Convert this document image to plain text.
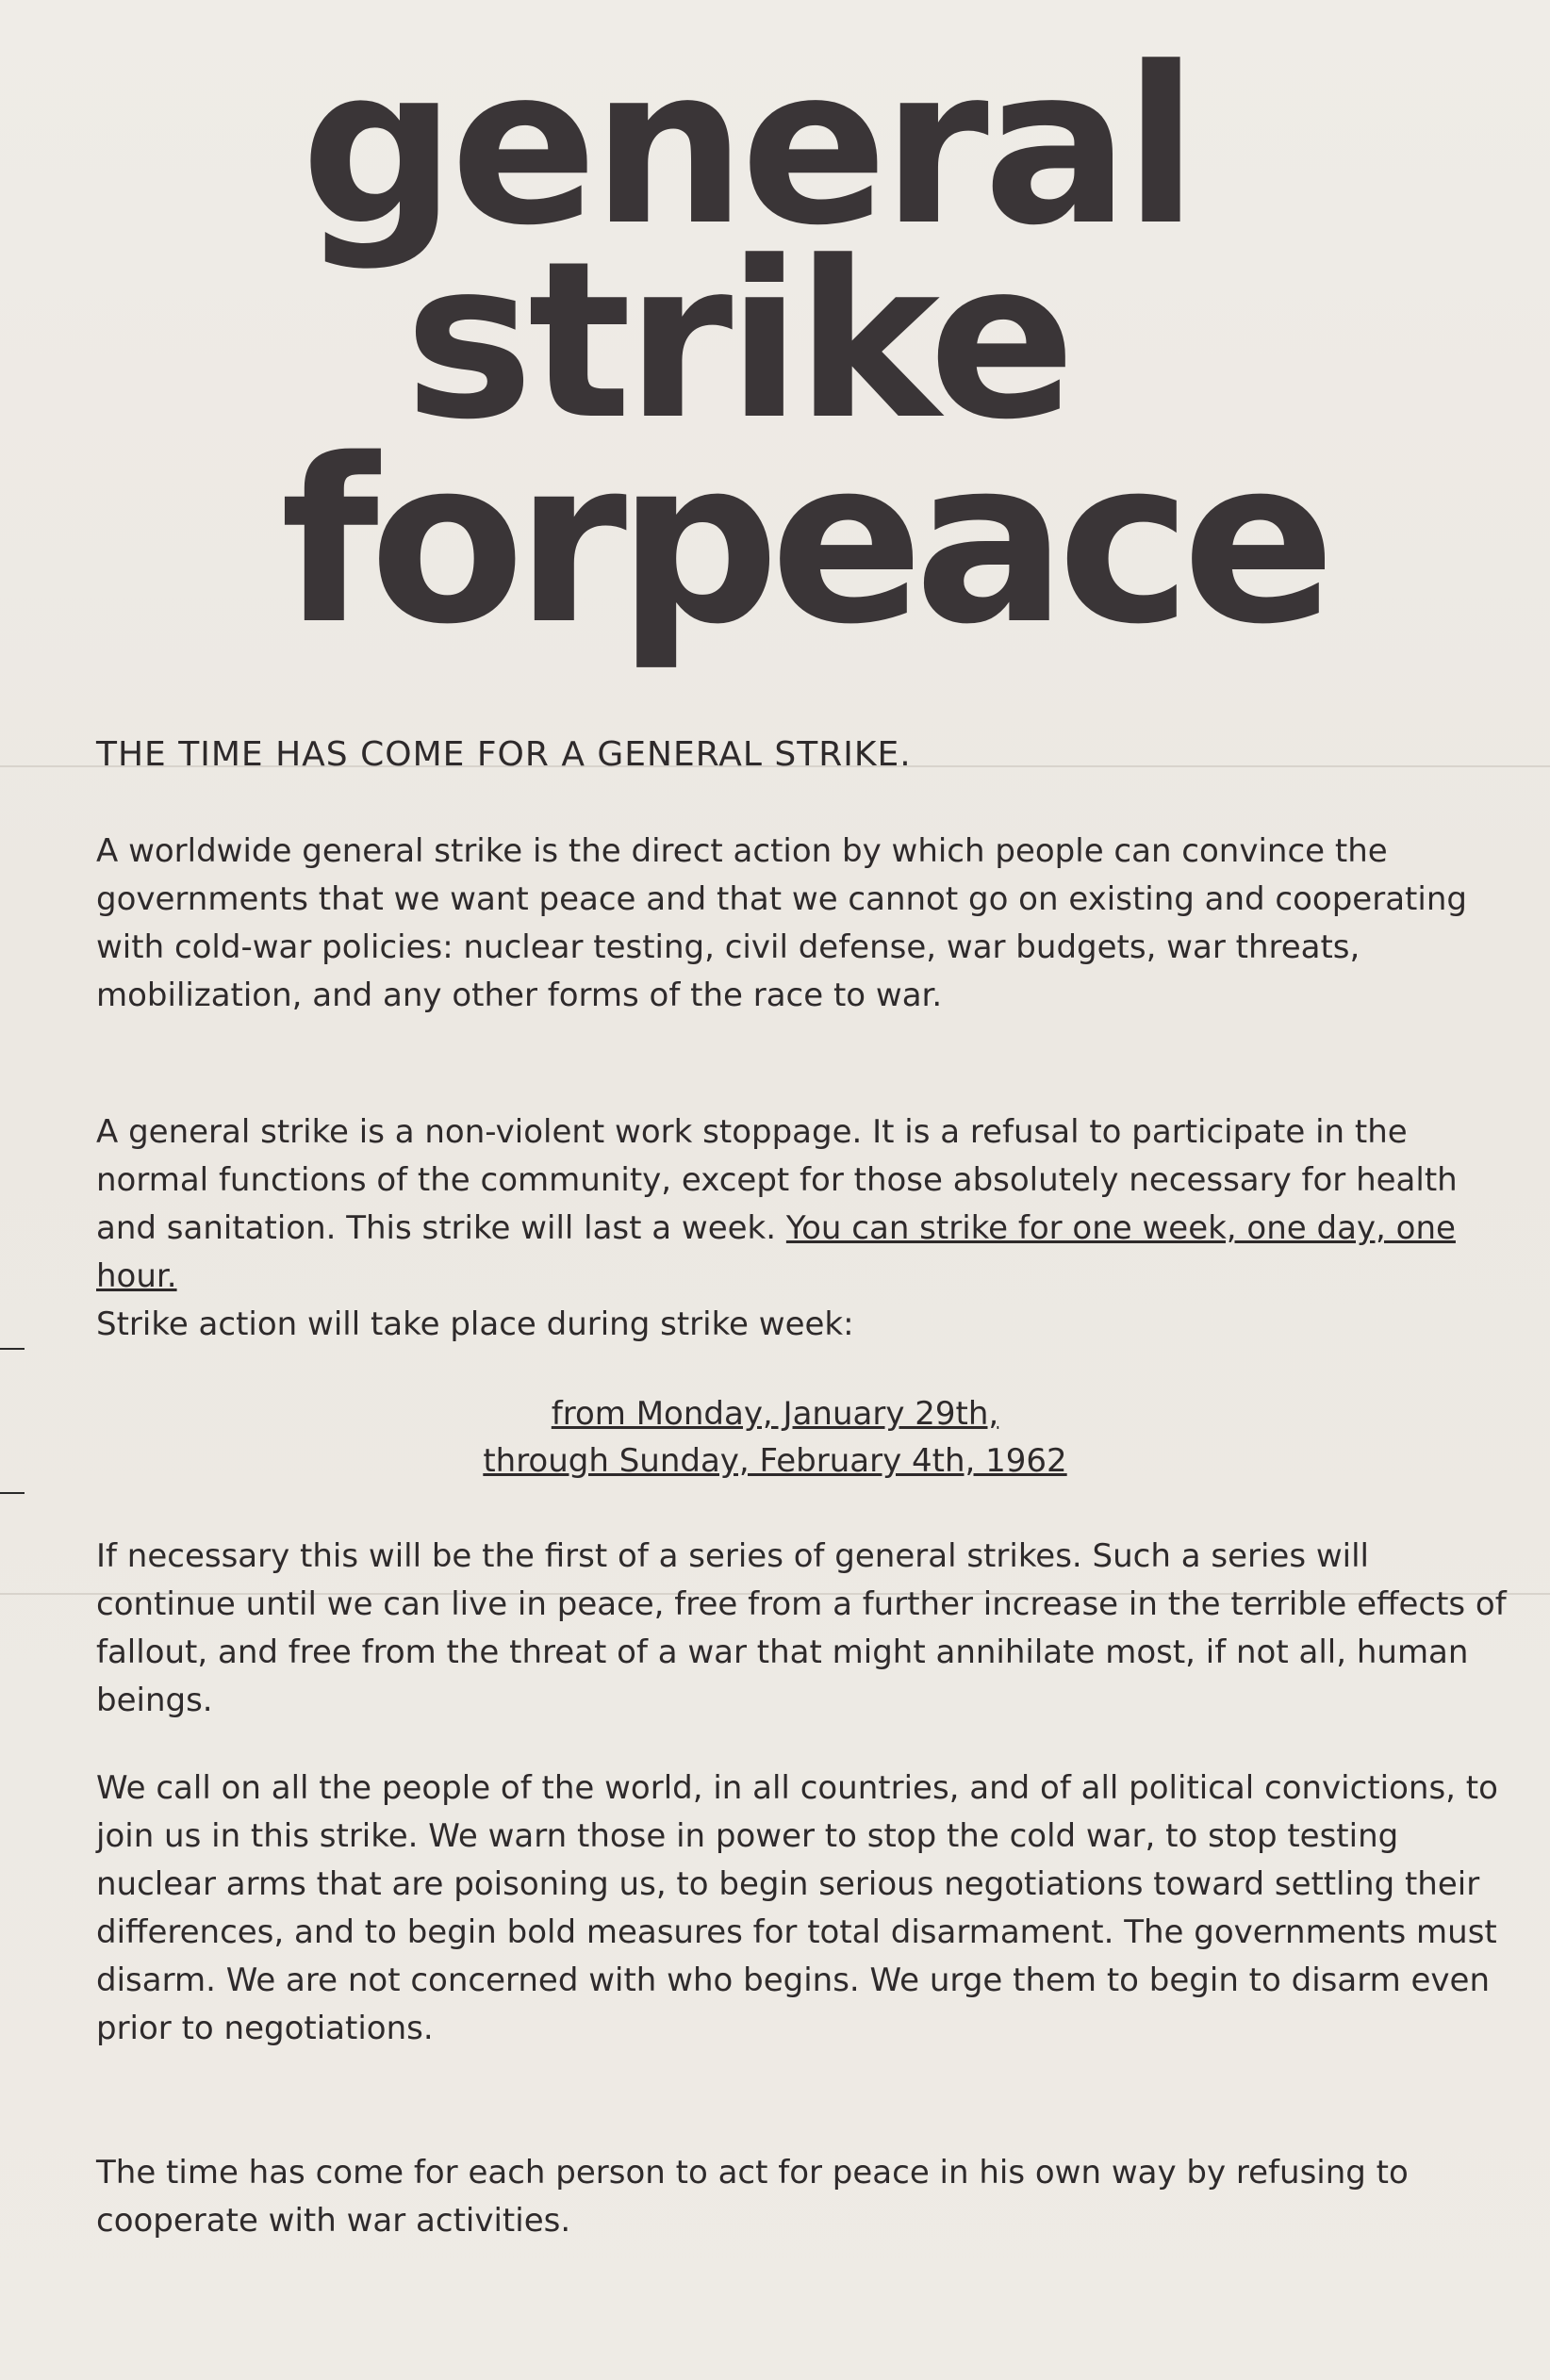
general
strike
forpeace
THE TIME HAS COME FOR A GENERAL STRIKE.
A worldwide general strike is the direct action by which people can convince the governments that we want peace and that we cannot go on existing and cooperating with cold-war policies: nuclear testing, civil defense, war budgets, war threats, mobilization, and any other forms of the race to war.
A general strike is a non-violent work stoppage. It is a refusal to participate in the normal functions of the community, except for those absolutely necessary for health and sanitation. This strike will last a week. You can strike for one week, one day, one hour.
Strike action will take place during strike week:
from Monday, January 29th,
through Sunday, February 4th, 1962
If necessary this will be the first of a series of general strikes. Such a series will continue until we can live in peace, free from a further increase in the terrible effects of fallout, and free from the threat of a war that might annihilate most, if not all, human beings.
We call on all the people of the world, in all countries, and of all political convictions, to join us in this strike. We warn those in power to stop the cold war, to stop testing nuclear arms that are poisoning us, to begin serious negotiations toward settling their differences, and to begin bold measures for total disarmament. The governments must disarm. We are not concerned with who begins. We urge them to begin to disarm even prior to negotiations.
The time has come for each person to act for peace in his own way by refusing to cooperate with war activities.
